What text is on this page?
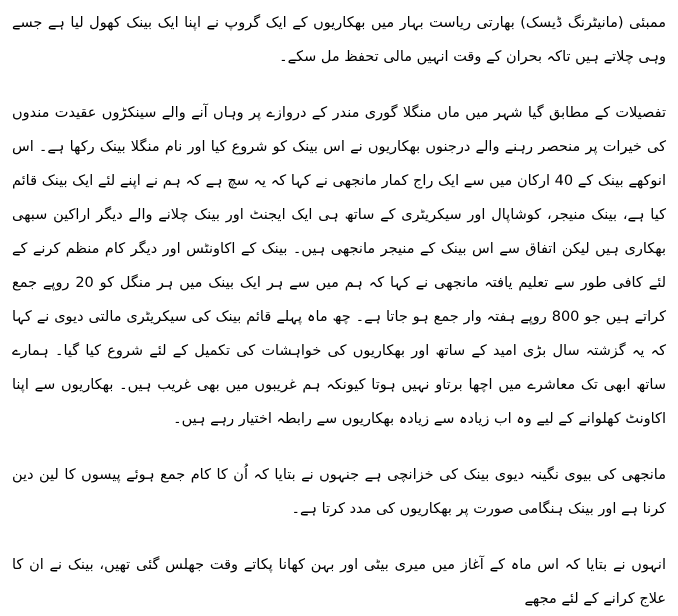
ممبئی (مانیٹرنگ ڈیسک) بھارتی ریاست بہار میں بھکاریوں کے ایک گروپ نے اپنا ایک بینک کھول لیا ہے جسے وہی چلاتے ہیں تاکہ بحران کے وقت انہیں مالی تحفظ مل سکے۔

تفصیلات کے مطابق گیا شہر میں ماں منگلا گوری مندر کے دروازے پر وہاں آنے والے سینکڑوں عقیدت مندوں کی خیرات پر منحصر رہنے والے درجنوں بھکاریوں نے اس بینک کو شروع کیا اور نام منگلا بینک رکھا ہے۔ اس انوکھے بینک کے 40 ارکان میں سے ایک راج کمار مانجھی نے کہا کہ یہ سچ ہے کہ ہم نے اپنے لئے ایک بینک قائم کیا ہے، بینک منیجر، کوشاپال اور سیکریٹری کے ساتھ ہی ایک ایجنٹ اور بینک چلانے والے دیگر اراکین سبھی بھکاری ہیں لیکن اتفاق سے اس بینک کے منیجر مانجھی ہیں۔ بینک کے اکاونٹس اور دیگر کام منظم کرنے کے لئے کافی طور سے تعلیم یافتہ مانجھی نے کہا کہ ہم میں سے ہر ایک بینک میں ہر منگل کو 20 روپے جمع کراتے ہیں جو 800 روپے ہفتہ وار جمع ہو جاتا ہے۔ چھ ماہ پہلے قائم بینک کی سیکریٹری مالتی دیوی نے کہا کہ یہ گزشتہ سال بڑی امید کے ساتھ اور بھکاریوں کی خواہشات کی تکمیل کے لئے شروع کیا گیا۔ ہمارے ساتھ ابھی تک معاشرے میں اچھا برتاو نہیں ہوتا کیونکہ ہم غریبوں میں بھی غریب ہیں۔ بھکاریوں سے اپنا اکاونٹ کھلوانے کے لیے وہ اب زیادہ سے زیادہ بھکاریوں سے رابطہ اختیار رہے ہیں۔

مانجھی کی بیوی نگینہ دیوی بینک کی خزانچی ہے جنہوں نے بتایا کہ اُن کا کام جمع ہوئے پیسوں کا لین دین کرنا ہے اور بینک ہنگامی صورت پر بھکاریوں کی مدد کرتا ہے۔

انہوں نے بتایا کہ اس ماہ کے آغاز میں میری بیٹی اور بہن کھانا پکاتے وقت جھلس گئی تھیں، بینک نے ان کا علاج کرانے کے لئے مجھے
